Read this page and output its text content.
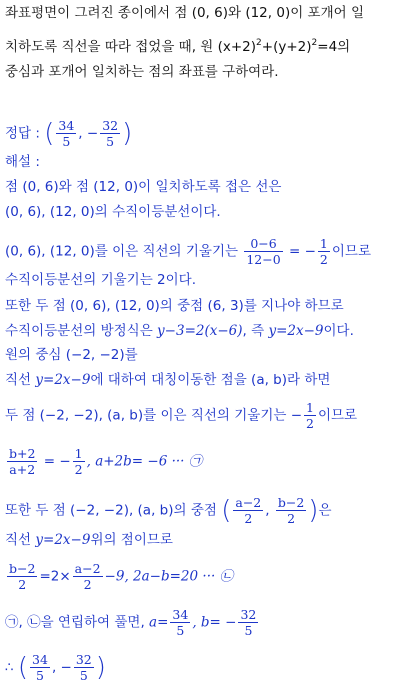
좌표평면이 그려진 종이에서 점 (0, 6)와 (12, 0)이 포개어 일
치하도록 직선을 따라 접었을 때, 원 $(x+2)^2+(y+2)^2=4$의
중심과 포개어 일치하는 점의 좌표를 구하여라.
정답 : ( $\frac{34}{5}$ , − $\frac{32}{5}$ )
해설 :
점 (0, 6)와 점 (12, 0)이 일치하도록 접은 선은
(0, 6), (12, 0)의 수직이등분선이다.
(0, 6), (12, 0)를 이은 직선의 기울기는 $\frac{0-6}{12-0}$ = − $\frac{1}{2}$ 이므로
수직이등분선의 기울기는 2이다.
또한 두 점 (0, 6), (12, 0)의 중점 (6, 3)를 지나야 하므로
수직이등분선의 방정식은 y−3=2(x−6), 즉 y=2x−9이다.
원의 중심 (−2, −2)를
직선 y=2x−9에 대하여 대칭이동한 점을 (a, b)라 하면
두 점 (−2, −2), (a, b)를 이은 직선의 기울기는 − $\frac{1}{2}$ 이므로
$\frac{b+2}{a+2}$ = − $\frac{1}{2}$ , a+2b= −6 ··· ㉠
또한 두 점 (−2, −2), (a, b)의 중점 ( $\frac{a-2}{2}$ , $\frac{b-2}{2}$ )은
직선 y=2x−9위의 점이므로
$\frac{b-2}{2} =2\times \frac{a-2}{2} -9$, 2a−b=20 ··· ㉡
㉠, ㉡을 연립하여 풀면, $a= \frac{34}{5}$ , $b= - \frac{32}{5}$
∴ ( $\frac{34}{5}$ , − $\frac{32}{5}$ )
